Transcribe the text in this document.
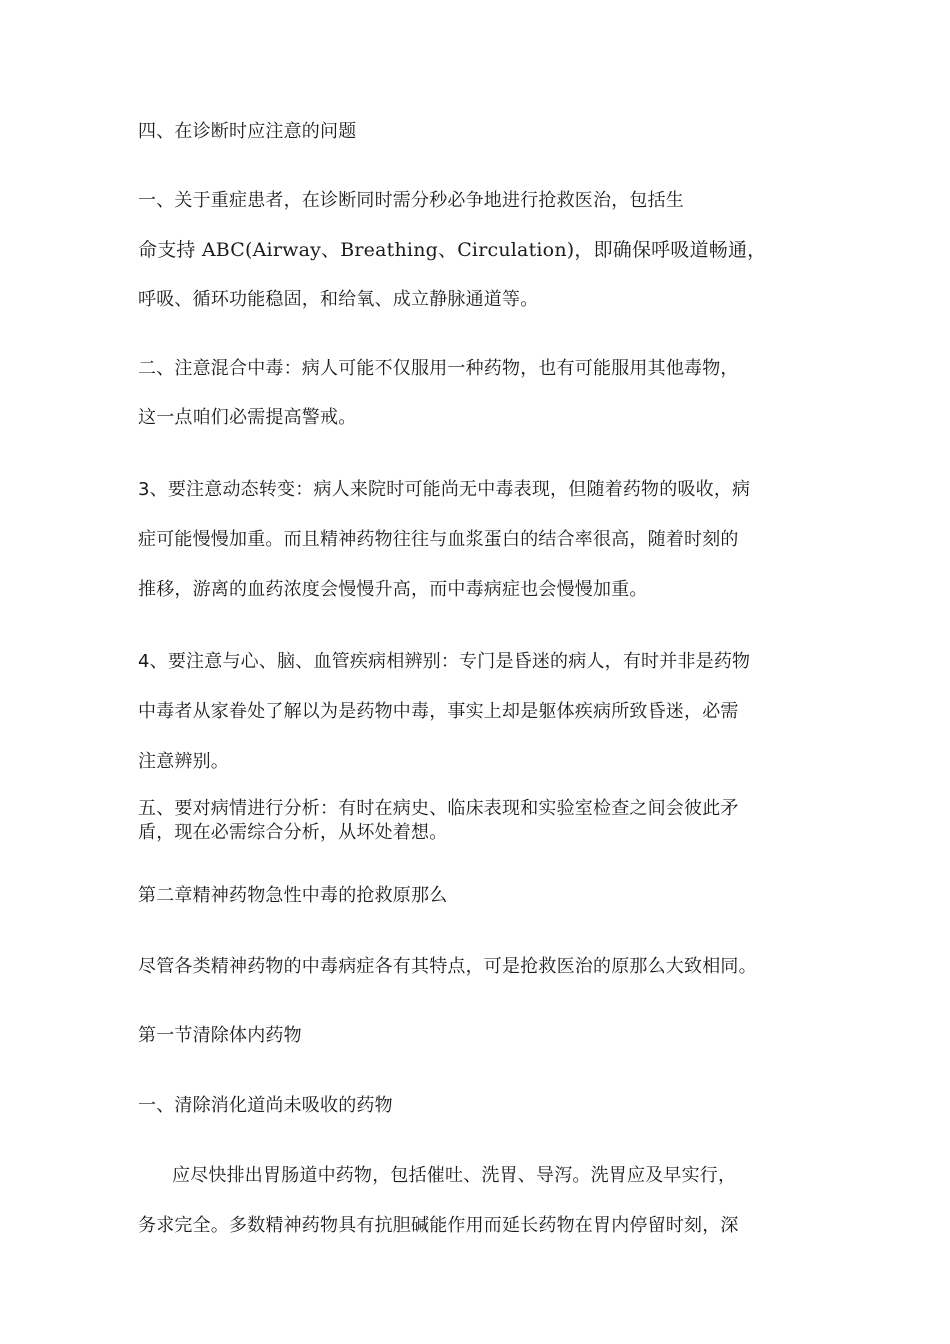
四、在诊断时应注意的问题
一、关于重症患者，在诊断同时需分秒必争地进行抢救医治，包括生
命支持 ABC(Airway、Breathing、Circulation)，即确保呼吸道畅通，
呼吸、循环功能稳固，和给氧、成立静脉通道等。
二、注意混合中毒：病人可能不仅服用一种药物，也有可能服用其他毒物，
这一点咱们必需提高警戒。
3、要注意动态转变：病人来院时可能尚无中毒表现，但随着药物的吸收，病
症可能慢慢加重。而且精神药物往往与血浆蛋白的结合率很高，随着时刻的
推移，游离的血药浓度会慢慢升高，而中毒病症也会慢慢加重。
4、要注意与心、脑、血管疾病相辨别：专门是昏迷的病人，有时并非是药物
中毒者从家眷处了解以为是药物中毒，事实上却是躯体疾病所致昏迷，必需
注意辨别。
五、要对病情进行分析：有时在病史、临床表现和实验室检查之间会彼此矛
盾，现在必需综合分析，从坏处着想。
第二章精神药物急性中毒的抢救原那么
尽管各类精神药物的中毒病症各有其特点，可是抢救医治的原那么大致相同。
第一节清除体内药物
一、清除消化道尚未吸收的药物
应尽快排出胃肠道中药物，包括催吐、洗胃、导泻。洗胃应及早实行，
务求完全。多数精神药物具有抗胆碱能作用而延长药物在胃内停留时刻，深
